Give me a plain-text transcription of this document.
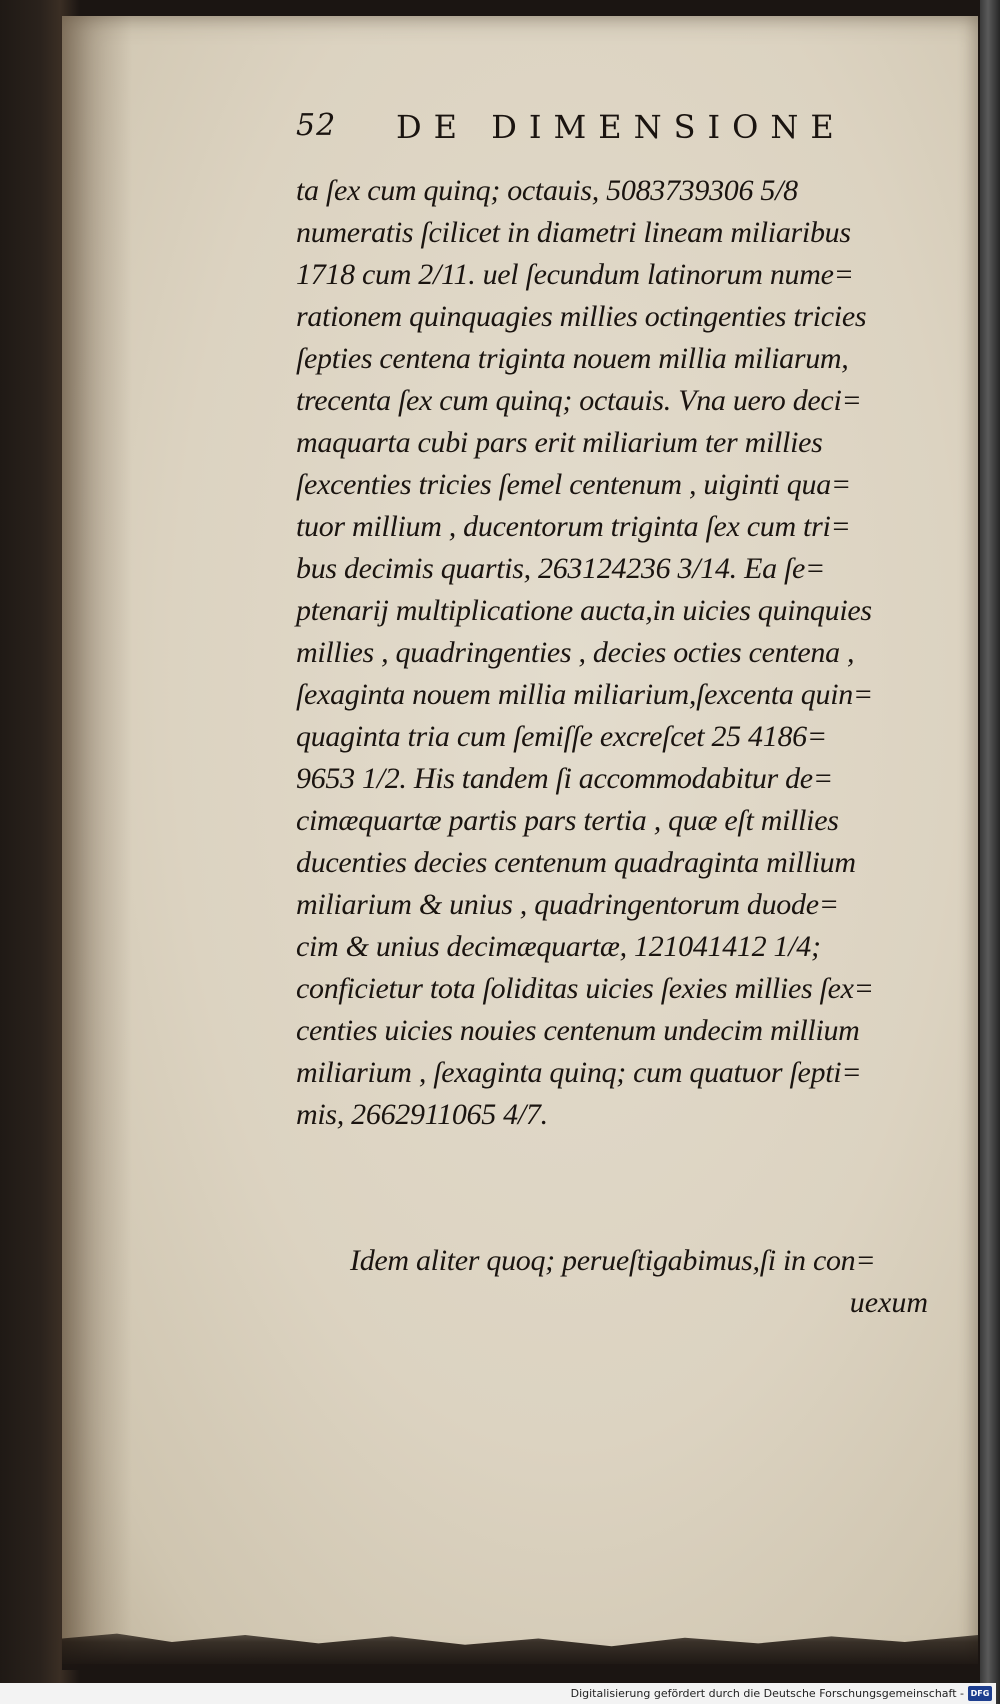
52 DE DIMENSIONE
ta ſex cum quinq; octauis, 5083739306 5/8
numeratis ſcilicet in diametri lineam miliaribus
1718 cum 2/11. uel ſecundum latinorum nume=
rationem quinquagies millies octingenties tricies
ſepties centena triginta nouem millia miliarum,
trecenta ſex cum quinq; octauis. Vna uero deci=
maquarta cubi pars erit miliarium ter millies
ſexcenties tricies ſemel centenum , uiginti qua=
tuor millium , ducentorum triginta ſex cum tri=
bus decimis quartis, 263124236 3/14. Ea ſe=
ptenarij multiplicatione aucta,in uicies quinquies
millies , quadringenties , decies octies centena ,
ſexaginta nouem millia miliarium,ſexcenta quin=
quaginta tria cum ſemiſſe excreſcet 25 4186=
9653 1/2. His tandem ſi accommodabitur de=
cimæquartæ partis pars tertia , quæ eſt millies
ducenties decies centenum quadraginta millium
miliarium & unius , quadringentorum duode=
cim & unius decimæquartæ, 121041412 1/4;
conficietur tota ſoliditas uicies ſexies millies ſex=
centies uicies nouies centenum undecim millium
miliarium , ſexaginta quinq; cum quatuor ſepti=
mis, 2662911065 4/7.
Idem aliter quoq; perueſtigabimus,ſi in con=
uexum
Digitalisierung gefördert durch die Deutsche Forschungsgemeinschaft - DFG
